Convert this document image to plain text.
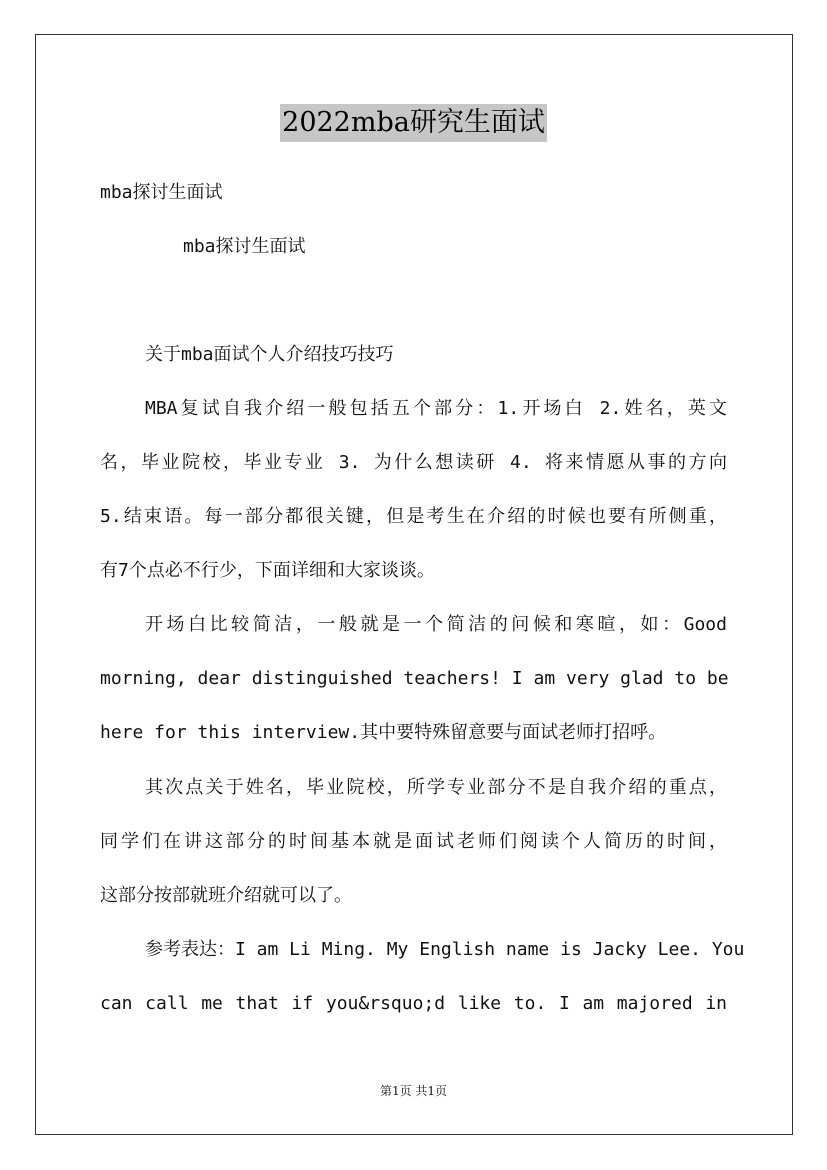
2022mba研究生面试
mba探讨生面试
mba探讨生面试
关于mba面试个人介绍技巧技巧
MBA复试自我介绍一般包括五个部分：1.开场白 2.姓名，英文
名，毕业院校，毕业专业 3. 为什么想读研 4. 将来情愿从事的方向
5.结束语。每一部分都很关键，但是考生在介绍的时候也要有所侧重，
有7个点必不行少，下面详细和大家谈谈。
开场白比较简洁，一般就是一个简洁的问候和寒暄，如：Good
morning, dear distinguished teachers! I am very glad to be
here for this interview.其中要特殊留意要与面试老师打招呼。
其次点关于姓名，毕业院校，所学专业部分不是自我介绍的重点，
同学们在讲这部分的时间基本就是面试老师们阅读个人简历的时间，
这部分按部就班介绍就可以了。
参考表达：I am Li Ming. My English name is Jacky Lee. You
can call me that if you&rsquo;d like to. I am majored in
第1页 共1页
